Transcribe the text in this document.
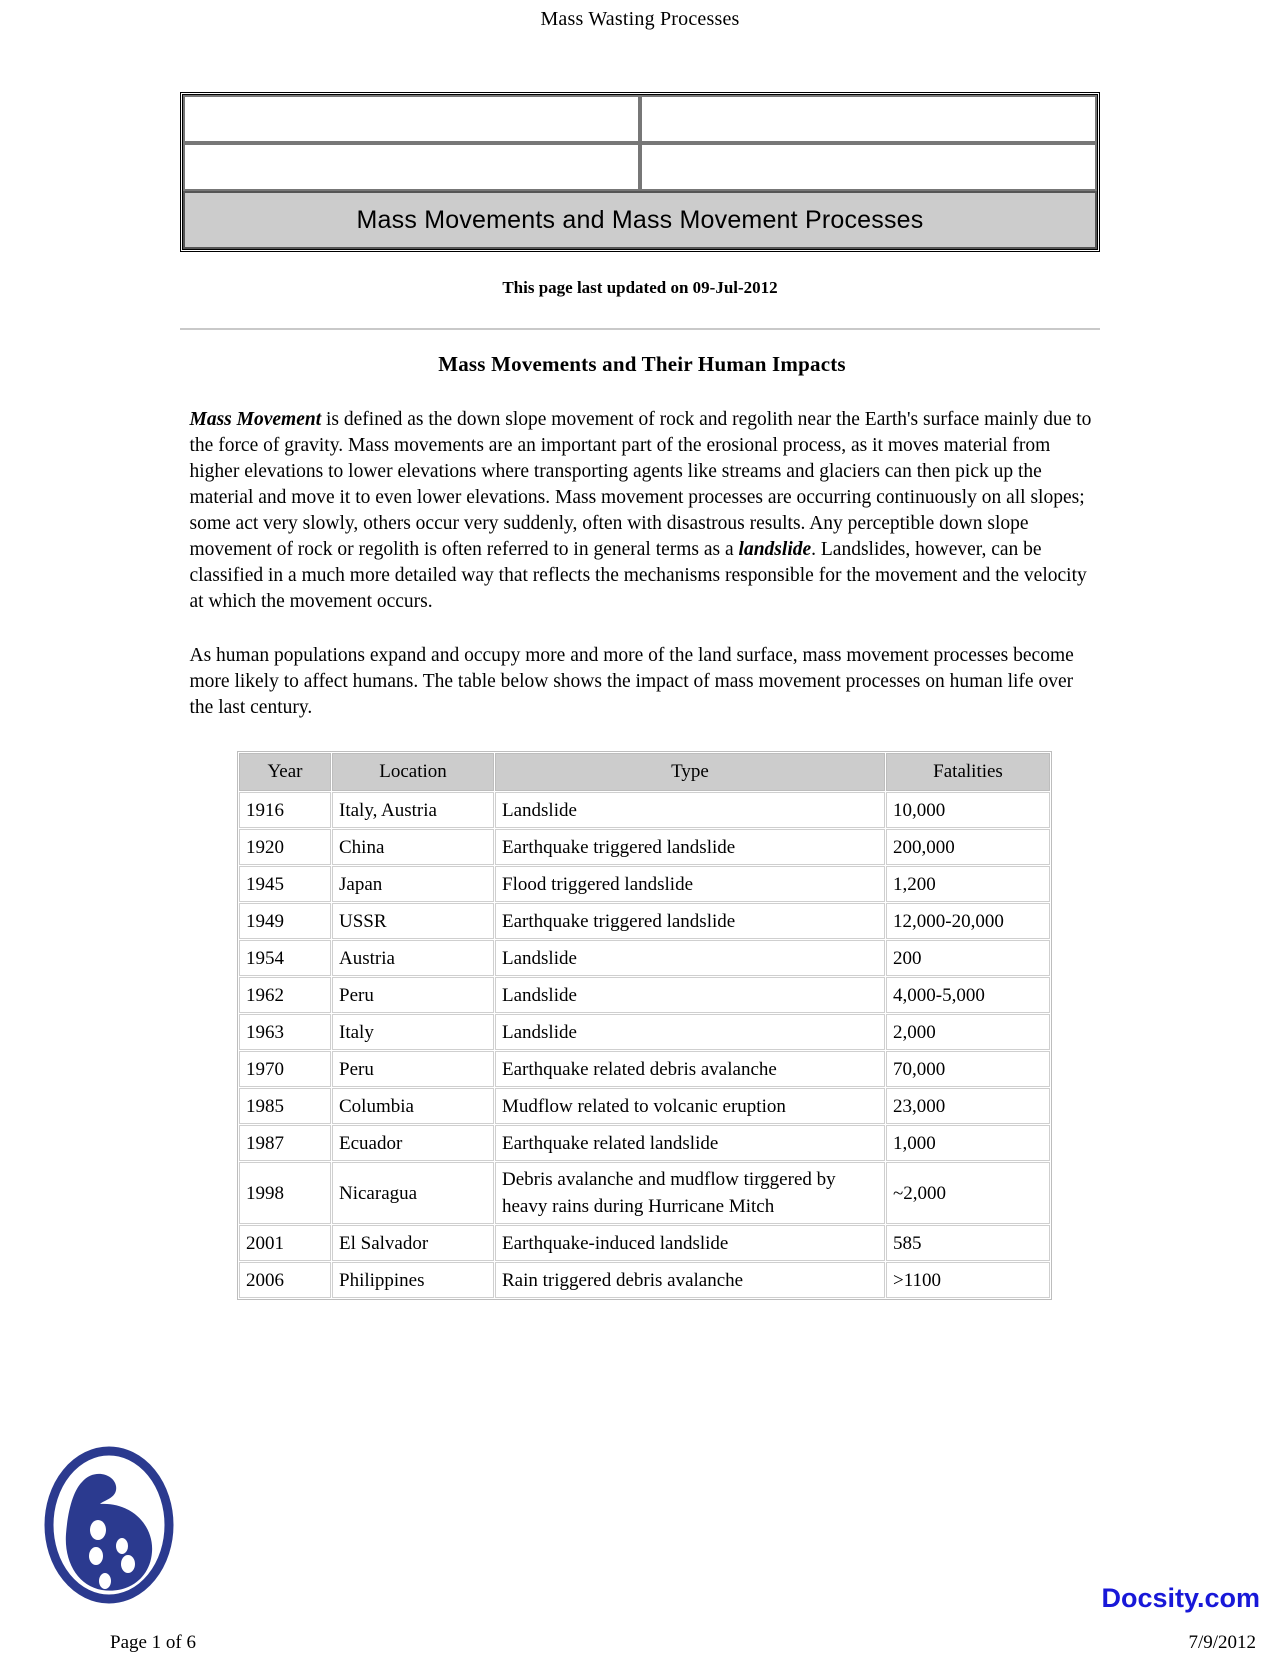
Mass Wasting Processes

Mass Movements and Mass Movement Processes	
This page last updated on 09-Jul-2012
Mass Movements and Their Human Impacts

Mass Movement is defined as the down slope movement of rock and regolith near the Earth's surface mainly due to the force of gravity. Mass movements are an important part of the erosional process, as it moves material from higher elevations to lower elevations where transporting agents like streams and glaciers can then pick up the material and move it to even lower elevations. Mass movement processes are occurring continuously on all slopes; some act very slowly, others occur very suddenly, often with disastrous results. Any perceptible down slope movement of rock or regolith is often referred to in general terms as a landslide. Landslides, however, can be classified in a much more detailed way that reflects the mechanisms responsible for the movement and the velocity at which the movement occurs.

As human populations expand and occupy more and more of the land surface, mass movement processes become more likely to affect humans. The table below shows the impact of mass movement processes on human life over the last century.

Year	Location	Type	Fatalities
1916	Italy, Austria	Landslide	10,000
1920	China	Earthquake triggered landslide	200,000
1945	Japan	Flood triggered landslide	1,200
1949	USSR	Earthquake triggered landslide	12,000-20,000
1954	Austria	Landslide	200
1962	Peru	Landslide	4,000-5,000
1963	Italy	Landslide	2,000
1970	Peru	Earthquake related debris avalanche	70,000
1985	Columbia	Mudflow related to volcanic eruption	23,000
1987	Ecuador	Earthquake related landslide	1,000
1998	Nicaragua	Debris avalanche and mudflow tirggered by heavy rains during Hurricane Mitch	~2,000
2001	El Salvador	Earthquake-induced landslide	585
2006	Philippines	Rain triggered debris avalanche	>1100
Page 1 of 6
Docsity.com
7/9/2012
